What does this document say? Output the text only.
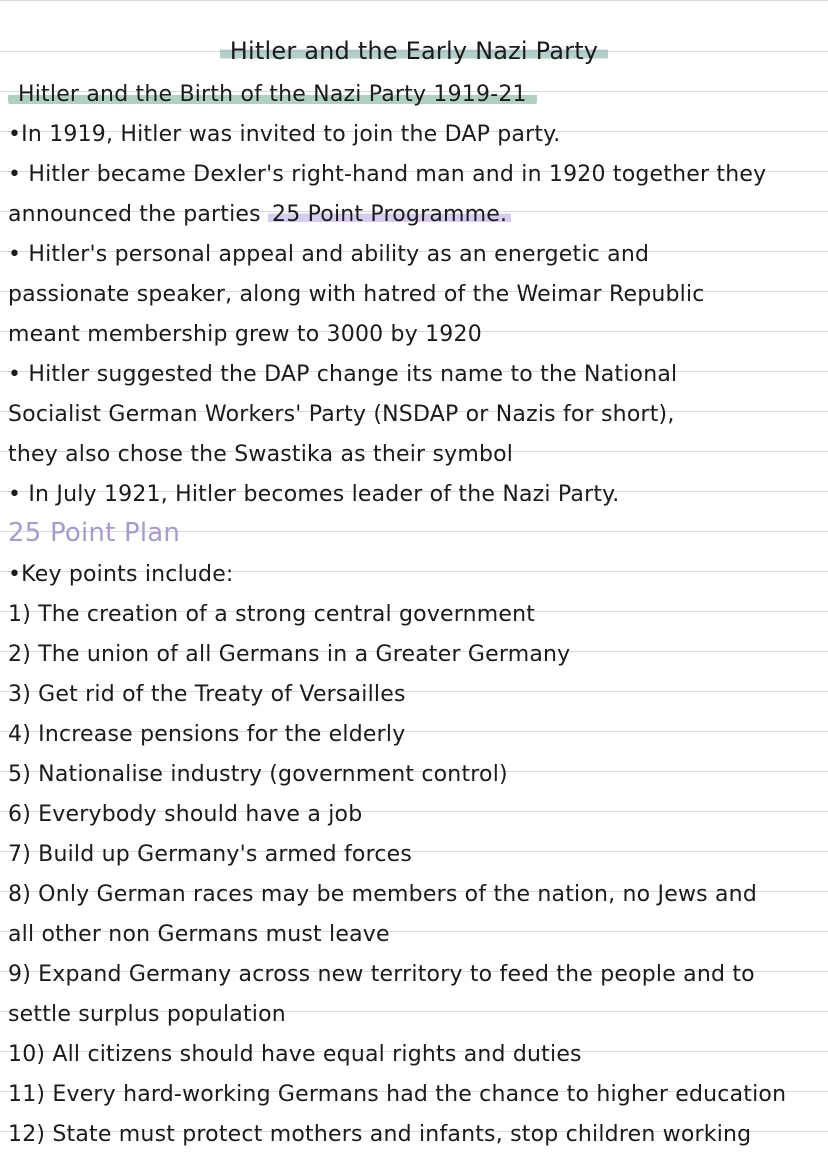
Hitler and the Early Nazi Party
Hitler and the Birth of the Nazi Party 1919-21
•In 1919, Hitler was invited to join the DAP party.
• Hitler became Dexler's right-hand man and in 1920 together they
announced the parties 25 Point Programme.
• Hitler's personal appeal and ability as an energetic and
passionate speaker, along with hatred of the Weimar Republic
meant membership grew to 3000 by 1920
• Hitler suggested the DAP change its name to the National
Socialist German Workers' Party (NSDAP or Nazis for short),
they also chose the Swastika as their symbol
• In July 1921, Hitler becomes leader of the Nazi Party.
25 Point Plan
•Key points include:
1) The creation of a strong central government
2) The union of all Germans in a Greater Germany
3) Get rid of the Treaty of Versailles
4) Increase pensions for the elderly
5) Nationalise industry (government control)
6) Everybody should have a job
7) Build up Germany's armed forces
8) Only German races may be members of the nation, no Jews and
all other non Germans must leave
9) Expand Germany across new territory to feed the people and to
settle surplus population
10) All citizens should have equal rights and duties
11) Every hard-working Germans had the chance to higher education
12) State must protect mothers and infants, stop children working
